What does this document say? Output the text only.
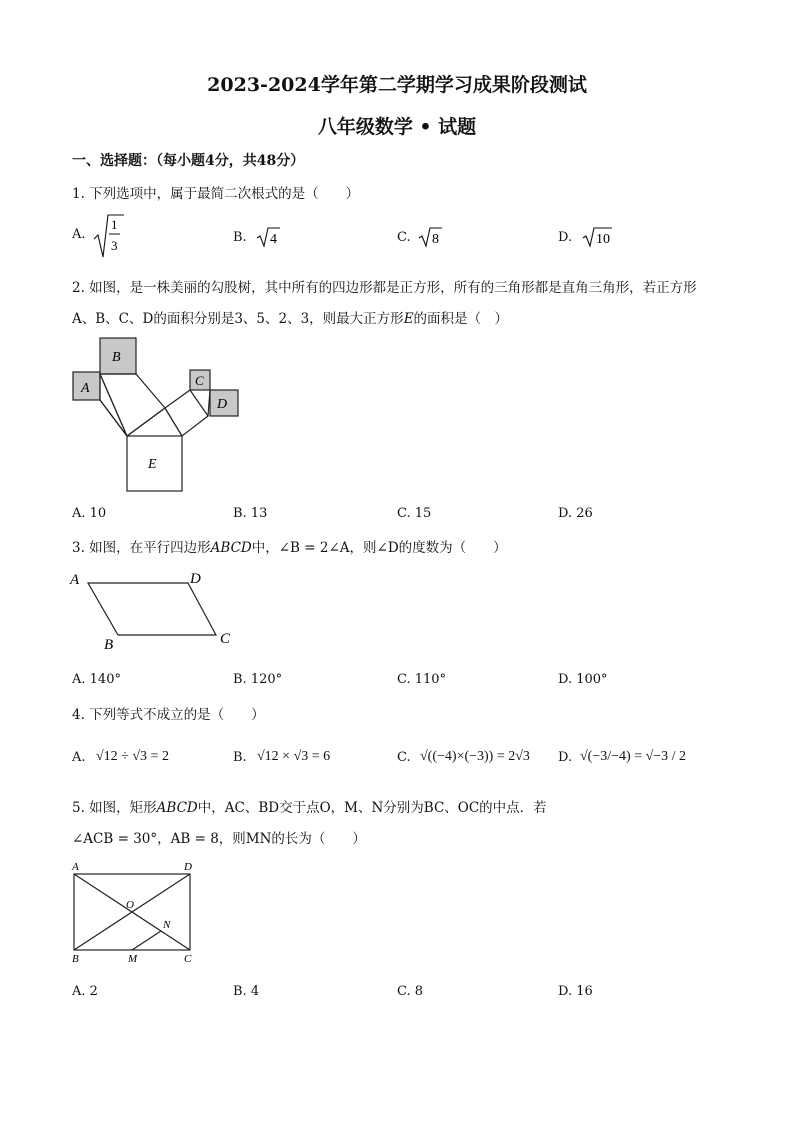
2023-2024学年第二学期学习成果阶段测试
八年级数学 • 试题
一、选择题：（每小题4分，共48分）
1. 下列选项中，属于最简二次根式的是（　　）
A.
1
3
B. 4	C. 8	D. 10
2. 如图，是一株美丽的勾股树，其中所有的四边形都是正方形，所有的三角形都是直角三角形，若正方形
A、B、C、D的面积分别是3、5、2、3，则最大正方形E的面积是（　）
B
A
C
D
E
A. 10	B. 13	C. 15	D. 26
3. 如图，在平行四边形ABCD中，∠B = 2∠A，则∠D的度数为（　　）
A	D
B	C
A. 140°	B. 120°	C. 110°	D. 100°
4. 下列等式不成立的是（　　）
A. √12 ÷ √3 = 2	B. √12 × √3 = 6	C. √((−4)×(−3)) = 2√3 D. √(−3/−4) = √−3 / 2
5. 如图，矩形ABCD中，AC、BD交于点O，M、N分别为BC、OC的中点．若
∠ACB = 30°，AB = 8，则MN的长为（　　）
A	D
O
N
B	M	C
A. 2	B. 4	C. 8	D. 16
